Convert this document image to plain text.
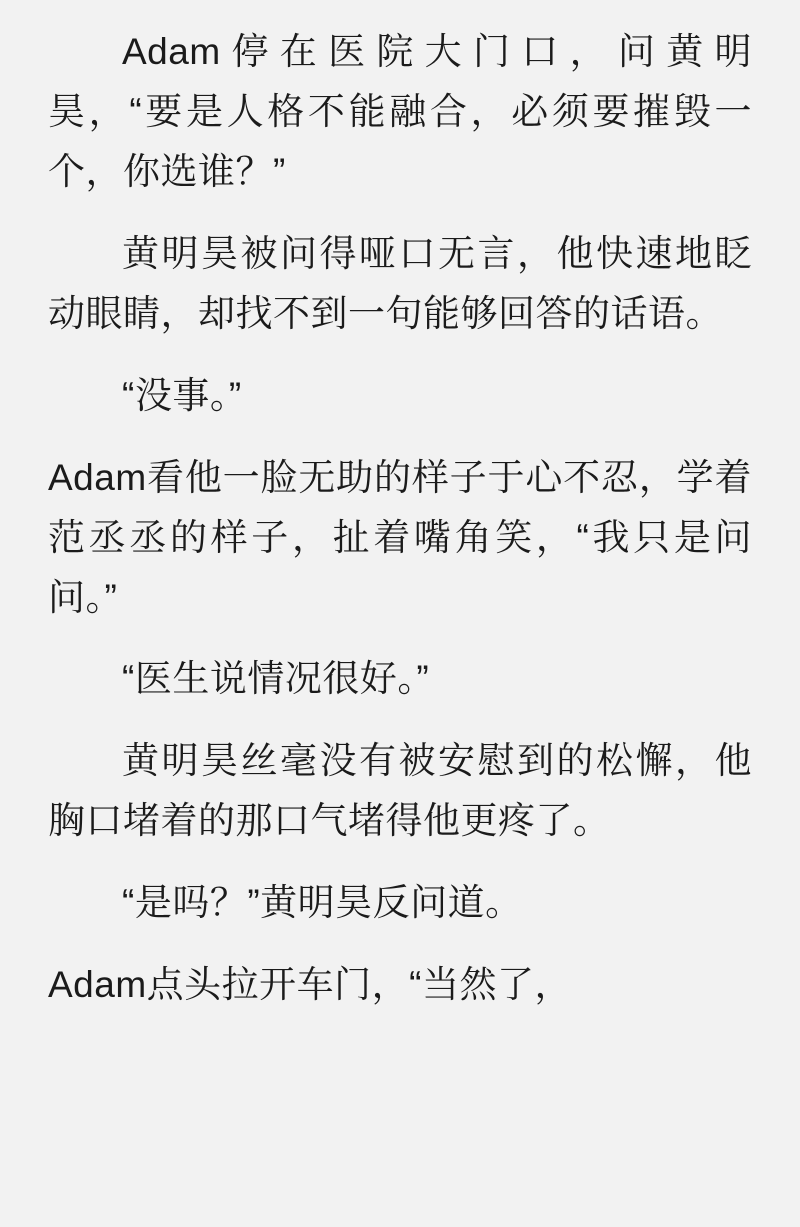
Adam停在医院大门口，问黄明昊，“要是人格不能融合，必须要摧毁一个，你选谁？”

黄明昊被问得哑口无言，他快速地眨动眼睛，却找不到一句能够回答的话语。

“没事。”

Adam看他一脸无助的样子于心不忍，学着范丞丞的样子，扯着嘴角笑，“我只是问问。”

“医生说情况很好。”

黄明昊丝毫没有被安慰到的松懈，他胸口堵着的那口气堵得他更疼了。

“是吗？”黄明昊反问道。

Adam点头拉开车门，“当然了，
